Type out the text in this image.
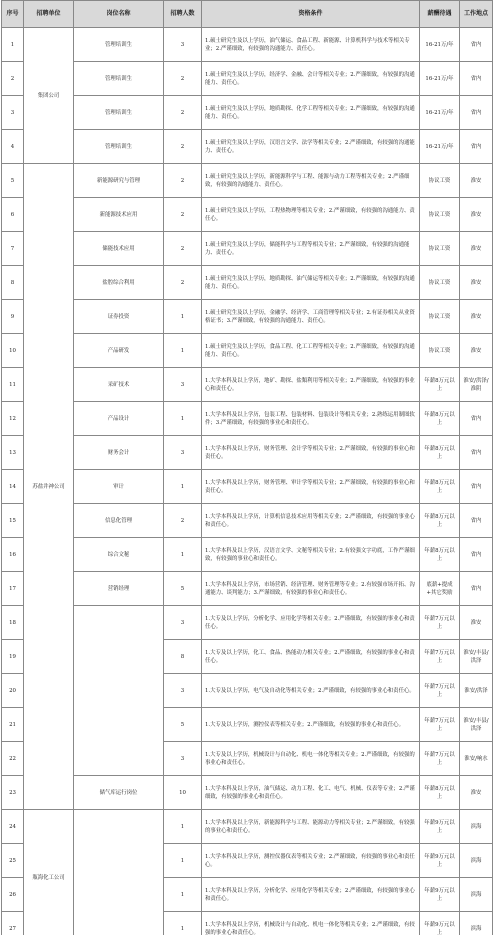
序号	招聘单位	岗位名称	招聘人数	资格条件	薪酬待遇	工作地点
1	集团公司	管理培训生	3	1.硕士研究生及以上学历，油气储运、食品工程、新能源、计算机科学与技术等相关专业；2.严谨细致，有较强的沟通能力、责任心。	16-21万/年	省内
2		管理培训生	2	1.硕士研究生及以上学历，经济学、金融、会计等相关专业；2.严谨细致，有较强的沟通能力、责任心。	16-21万/年	省内
3		管理培训生	2	1.硕士研究生及以上学历，地质勘探、化学工程等相关专业；2.严谨细致，有较强的沟通能力、责任心。	16-21万/年	省内
4		管理培训生	2	1.硕士研究生及以上学历，汉语言文学、法学等相关专业；2.严谨细致，有较强的沟通能力、责任心。	16-21万/年	省内
5	苏盐井神公司	新能源研究与管理	2	1.硕士研究生及以上学历，新能源科学与工程、能源与动力工程等相关专业；2.严谨细致，有较强的沟通能力、责任心。	协议工资	淮安
6		新能源技术应用	2	1.硕士研究生及以上学历，工程热物理等相关专业；2.严谨细致，有较强的沟通能力、责任心。	协议工资	淮安
7		储能技术应用	2	1.硕士研究生及以上学历，储能科学与工程等相关专业；2.严谨细致，有较强的沟通能力、责任心。	协议工资	淮安
8		盐腔综合利用	2	1.硕士研究生及以上学历，地质勘探、油气储运等相关专业；2.严谨细致，有较强的沟通能力、责任心。	协议工资	淮安
9		证券投资	1	1.硕士研究生及以上学历，金融学、经济学、工商管理等相关专业；2.有证券相关从业资格证书；3.严谨细致，有较强的沟通能力、责任心。	协议工资	淮安
10		产品研发	1	1.硕士研究生及以上学历，食品工程、化工工程等相关专业；2.严谨细致，有较强的沟通能力、责任心。	协议工资	淮安
11		采矿技术	3	1.大学本科及以上学历，地矿、勘探、盐類利用等相关专业；2.严谨细致，有较强的事业心和责任心。	年薪8万元以上	淮安/洪泽/淮阴
12		产品设计	1	1.大学本科及以上学历，包装工程、包装材料、包装设计等相关专业；2.熟练运用制图软件；3.严谨细致，有较强的事业心和责任心。	年薪8万元以上	省内
13		财务会计	3	1.大学本科及以上学历，财务管理、会计学等相关专业；2.严谨细致，有较强的事业心和责任心。	年薪8万元以上	省内
14		审计	1	1.大学本科及以上学历，财务管理、审计学等相关专业；2.严谨细致，有较强的事业心和责任心。	年薪8万元以上	省内
15		信息化管理	2	1.大学本科及以上学历，计算机信息技术应用等相关专业；2.严谨细致，有较强的事业心和责任心。	年薪8万元以上	省内
16		综合文秘	1	1.大学本科及以上学历，汉语言文学、文秘等相关专业；2.有较强文字功底，工作严谨细致，有较强的事业心和责任心。	年薪8万元以上	省内
17		营销经理	5	1.大学本科及以上学历，市场营销、经济管理、财务管理等专业；2.有较强市场开拓、沟通能力、谈判能力；3.严谨细致，有较强的事业心和责任心。	底薪+提成+其它奖励	省内
18			3	1.大专及以上学历，分析化学、应用化学等相关专业；2.严谨细致，有较强的事业心和责任心。	年薪7万元以上	淮安
19			8	1.大专及以上学历，化工、食品、热能动力相关专业；2.严谨细致，有较强的事业心和责任心。	年薪7万元以上	淮安/丰县/洪泽
20			3	1.大专及以上学历，电气及自动化等相关专业；2.严谨细致，有较强的事业心和责任心。	年薪7万元以上	淮安/洪泽
21			5	1.大专及以上学历，测控仪表等相关专业；2.严谨细致，有较强的事业心和责任心。	年薪7万元以上	淮安/丰县/洪泽
22			3	1.大专及以上学历，机械设计与自动化、机电一体化等相关专业；2.严谨细致，有较强的事业心和责任心。	年薪7万元以上	淮安/响水
23		储气库运行岗位	10	1.大学本科及以上学历，油气储运、动力工程、化工、电气、机械、仪表等专业；2.严谨细致，有较强的事业心和责任心。	年薪8万元以上	淮安
24	瓶海化工公司		1	1.大学本科及以上学历，新能源科学与工程、能源动力等相关专业；2.严谨细致，有较强的事业心和责任心。	年薪9万元以上	滨海
25			1	1.大学本科及以上学历，测控仪器仪表等相关专业；2.严谨细致，有较强的事业心和责任心。	年薪9万元以上	滨海
26			1	1.大学本科及以上学历，分析化学、应用化学等相关专业；2.严谨细致，有较强的事业心和责任心。	年薪9万元以上	滨海
27			1	1.大学本科及以上学历，机械设计与自动化、机电一体化等相关专业；2.严谨细致，有较强的事业心和责任心。	年薪9万元以上	滨海
